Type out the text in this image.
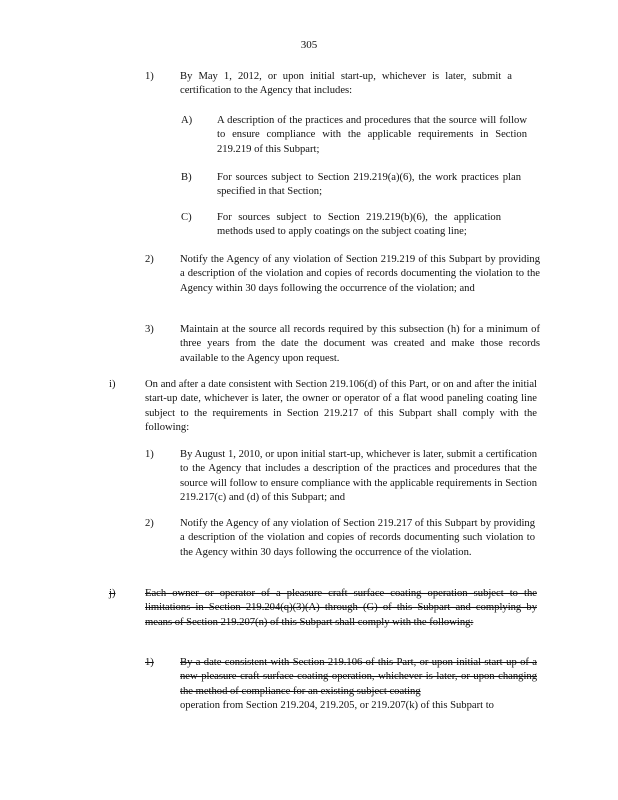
305
1) By May 1, 2012, or upon initial start-up, whichever is later, submit a certification to the Agency that includes:
A) A description of the practices and procedures that the source will follow to ensure compliance with the applicable requirements in Section 219.219 of this Subpart;
B) For sources subject to Section 219.219(a)(6), the work practices plan specified in that Section;
C) For sources subject to Section 219.219(b)(6), the application methods used to apply coatings on the subject coating line;
2) Notify the Agency of any violation of Section 219.219 of this Subpart by providing a description of the violation and copies of records documenting the violation to the Agency within 30 days following the occurrence of the violation; and
3) Maintain at the source all records required by this subsection (h) for a minimum of three years from the date the document was created and make those records available to the Agency upon request.
i)	On and after a date consistent with Section 219.106(d) of this Part, or on and after the initial start-up date, whichever is later, the owner or operator of a flat wood paneling coating line subject to the requirements in Section 219.217 of this Subpart shall comply with the following:
1) By August 1, 2010, or upon initial start-up, whichever is later, submit a certification to the Agency that includes a description of the practices and procedures that the source will follow to ensure compliance with the applicable requirements in Section 219.217(c) and (d) of this Subpart; and
2) Notify the Agency of any violation of Section 219.217 of this Subpart by providing a description of the violation and copies of records documenting such violation to the Agency within 30 days following the occurrence of the violation.
j)	Each owner or operator of a pleasure craft surface coating operation subject to the limitations in Section 219.204(q)(3)(A) through (G) of this Subpart and complying by means of Section 219.207(n) of this Subpart shall comply with the following:
1) By a date consistent with Section 219.106 of this Part, or upon initial start-up of a new pleasure craft surface coating operation, whichever is later, or upon changing the method of compliance for an existing subject coating
operation from Section 219.204, 219.205, or 219.207(k) of this Subpart to
